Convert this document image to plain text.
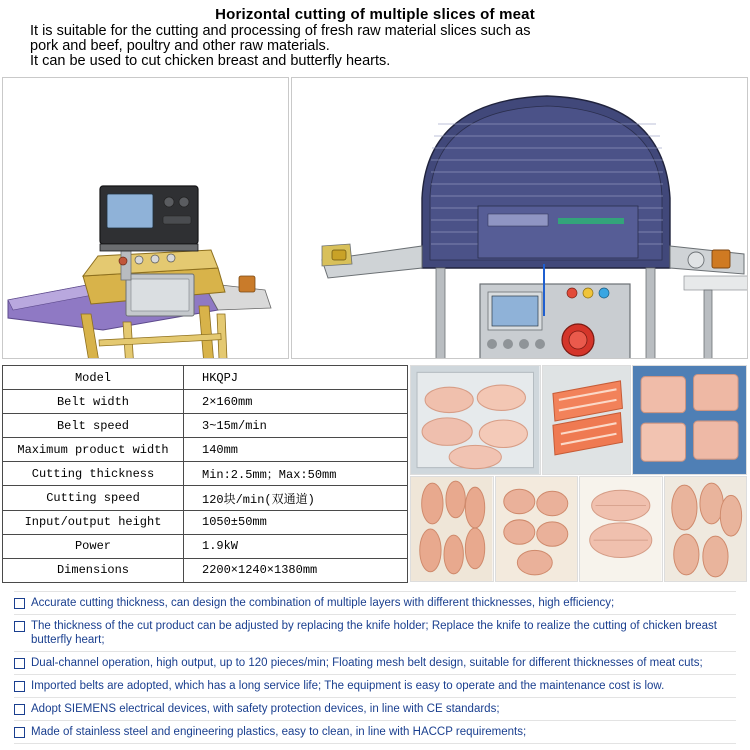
Horizontal cutting of multiple slices of meat
It is suitable for the cutting and processing of fresh raw material slices such as
pork and beef, poultry and other raw materials.
It can be used to cut chicken breast and butterfly hearts.
Model	HKQPJ
Belt width	2×160mm
Belt speed	3~15m/min
Maximum product width	140mm
Cutting thickness	Min:2.5mm；Max:50mm
Cutting speed	120块/min(双通道)
Input/output height	1050±50mm
Power	1.9kW
Dimensions	2200×1240×1380mm
Accurate cutting thickness, can design the combination of multiple layers with different thicknesses, high efficiency;
The thickness of the cut product can be adjusted by replacing the knife holder; Replace the knife to realize the cutting of chicken breast butterfly heart;
Dual-channel operation, high output, up to 120 pieces/min; Floating mesh belt design, suitable for different thicknesses of meat cuts;
Imported belts are adopted, which has a long service life; The equipment is easy to operate and the maintenance cost is low.
Adopt SIEMENS electrical devices, with safety protection devices, in line with CE standards;
Made of stainless steel and engineering plastics, easy to clean, in line with HACCP requirements;
